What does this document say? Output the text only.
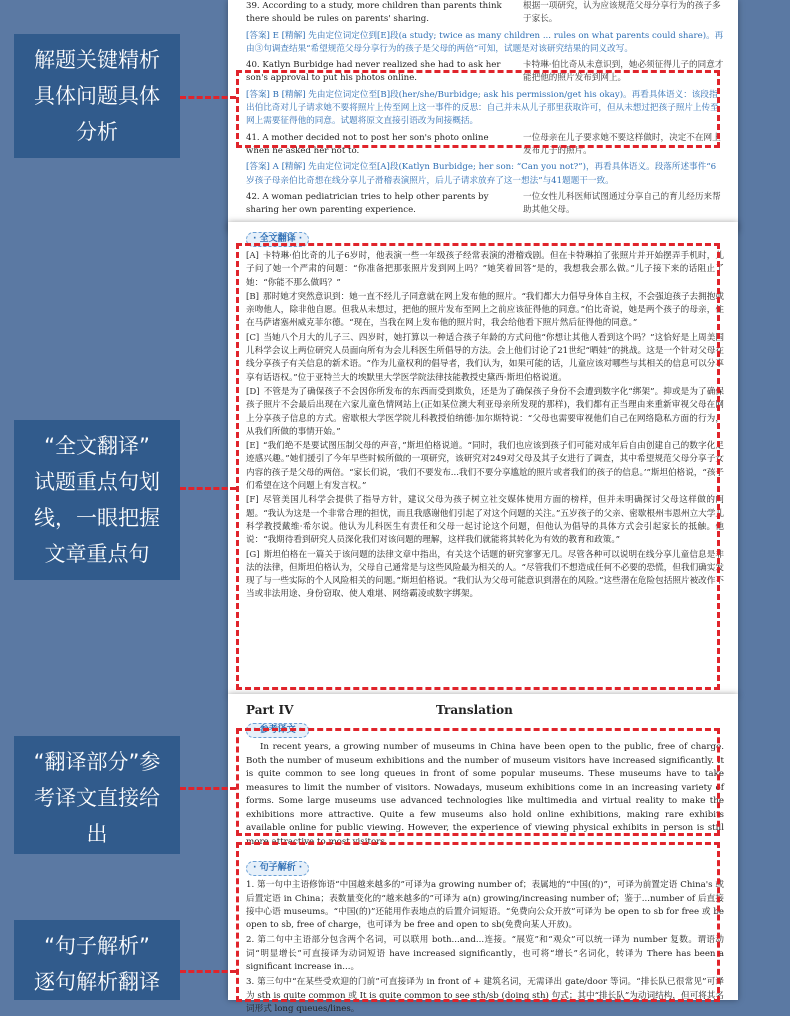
39. According to a study, more children than parents think there should be rules on parents' sharing.
根据一项研究，认为应该规范父母分享行为的孩子多于家长。
[答案] E [精解] 先由定位词定位到[E]段(a study; twice as many children ... rules on what parents could share)。再由③句调查结果“希望规范父母分享行为的孩子是父母的两倍”可知，试题是对该研究结果的同义改写。
40. Katlyn Burbidge had never realized she had to ask her son's approval to put his photos online.
卡特琳·伯比奇从未意识到，她必须征得儿子的同意才能把他的照片发布到网上。
[答案] B [精解] 先由定位词定位至[B]段(her/she/Burbidge; ask his permission/get his okay)。再看具体语义：该段指出伯比奇对儿子请求她不要将照片上传至网上这一事件的反思：自己并未从儿子那里获取许可，但从未想过把孩子照片上传至网上需要征得他的同意。试题将原文直接引语改为间接概括。
41. A mother decided not to post her son's photo online when he asked her not to.
一位母亲在儿子要求她不要这样做时，决定不在网上发布儿子的照片。
[答案] A [精解] 先由定位词定位至[A]段(Katlyn Burbidge; her son: “Can you not?”)，再看具体语义。段落所述事件“6岁孩子母亲伯比奇想在线分享儿子滑稽表演照片，后儿子请求放弃了这一想法”与41题题干一致。
42. A woman pediatrician tries to help other parents by sharing her own parenting experience.
一位女性儿科医师试图通过分享自己的育儿经历来帮助其他父母。
· 全文翻译 ·
[A] 卡特琳·伯比奇的儿子6岁时，他表演一些一年级孩子经常表演的滑稽戏剧。但在卡特琳拍了张照片并开始摆弄手机时，儿子问了她一个严肃的问题：“你准备把那张照片发到网上吗？”她笑着回答“是的，我想我会那么做。”儿子接下来的话阻止了她：“你能不那么做吗？”
[B] 那时她才突然意识到：她一直不经儿子同意就在网上发布他的照片。“我们都大力倡导身体自主权，不会强迫孩子去拥抱或亲吻他人，除非他自愿。但我从未想过，把他的照片发布至网上之前应该征得他的同意。”伯比奇说，她是两个孩子的母亲，住在马萨诸塞州威克菲尔德。“现在，当我在网上发布他的照片时，我会给他看下照片然后征得他的同意。”
[C] 当她八个月大的儿子三、四岁时，她打算以一种适合孩子年龄的方式问他“你想让其他人看到这个吗？”这恰好是上周美国儿科学会议上两位研究人员面向所有为会儿科医生所倡导的方法。会上他们讨论了21世纪“晒娃”的挑战。这是一个针对父母在线分享孩子有关信息的新术语。“作为儿童权利的倡导者，我们认为，如果可能的话，儿童应该对哪些与其相关的信息可以分享享有话语权。”位于亚特兰大的埃默里大学医学院法律技能教授史黛西·斯坦伯格说道。
[D] 不管是为了确保孩子不会因你所发布的东西而受到欺负，还是为了确保孩子身份不会遭到数字化“绑架”。抑或是为了确保孩子照片不会最后出现在六家儿童色情网站上(正如某位澳大利亚母亲所发现的那样)，我们都有正当理由来重新审视父母在网上分享孩子信息的方式。密歇根大学医学院儿科教授伯纳德·加尔斯特说：“父母也需要审视他们自己在网络隐私方面的行为，从我们所做的事情开始。”
[E] “我们绝不是要试图压制父母的声音，”斯坦伯格说道。“同时，我们也应该到孩子们可能对成年后自由创建自己的数字化足迹感兴趣。”她们援引了今年早些时候所做的一项研究，该研究对249对父母及其子女进行了调查，其中希望规范父母分享子女内容的孩子是父母的两倍。“家长们说，‘我们不要发布...我们不要分享尴尬的照片或者我们的孩子的信息。’”斯坦伯格说，“孩子们希望在这个问题上有发言权。”
[F] 尽管美国儿科学会提供了指导方针，建议父母为孩子树立社交媒体使用方面的榜样，但并未明确探讨父母这样做的问题。“我认为这是一个非常合理的担忧，而且我感谢他们引起了对这个问题的关注。”五岁孩子的父亲、密歇根州韦恩州立大学儿科学教授戴维·希尔说。他认为儿科医生有责任和父母一起讨论这个问题，但他认为倡导的具体方式会引起家长的抵触。他说：“我期待看到研究人员深化我们对该问题的理解，这样我们就能将其转化为有效的教育和政策。”
[G] 斯坦伯格在一篇关于该问题的法律文章中指出，有关这个话题的研究寥寥无几。尽管各种可以说明在线分享儿童信息是非法的法律，但斯坦伯格认为，父母自己通常是与这些风险最为相关的人。“尽管我们不想造成任何不必要的恐慌，但我们确实发现了与一些实际的个人风险相关的问题。”斯坦伯格说。“我们认为父母可能意识到潜在的风险。”这些潜在危险包括照片被改作不当或非法用途、身份窃取、使人难堪、网络霸凌或数字绑架。
Part IV	Translation
· 参考译文 ·
In recent years, a growing number of museums in China have been open to the public, free of charge. Both the number of museum exhibitions and the number of museum visitors have increased significantly. It is quite common to see long queues in front of some popular museums. These museums have to take measures to limit the number of visitors. Nowadays, museum exhibitions come in an increasing variety of forms. Some large museums use advanced technologies like multimedia and virtual reality to make the exhibitions more attractive. Quite a few museums also hold online exhibitions, making rare exhibits available online for public viewing. However, the experience of viewing physical exhibits in person is still more attractive to most visitors.
· 句子解析 ·
1. 第一句中主语修饰语“中国越来越多的”可译为a growing number of；表属地的“中国(的)”，可译为前置定语 China's 或后置定语 in China；表数量变化的“越来越多的”可译为 a(n) growing/increasing number of；鉴于...number of 后直接接中心语 museums。“中国(的)”还能用作表地点的后置介词短语。“免费向公众开放”可译为 be open to sb for free 或 be open to sb, free of charge，也可译为 be free and open to sb(免费向某人开放)。
2. 第二句中主语部分包含两个名词，可以联用 both...and...连接。“展览”和“观众”可以统一译为 number 复数。谓语动词“明显增长”可直接译为动词短语 have increased significantly，也可将“增长”名词化，转译为 There has been a significant increase in...。
3. 第三句中“在某些受欢迎的门前”可直接译为 in front of + 建筑名词，无需译出 gate/door 等词。“排长队已很常见”可译为 sth is quite common 或 It is quite common to see sth/sb (doing sth) 句式；其中“排长队”为动词结构，但可将其名词形式 long queues/lines。
解题关键精析
具体问题具体
分析
“全文翻译”
试题重点句划
线，一眼把握
文章重点句
“翻译部分”参
考译文直接给
出
“句子解析”
逐句解析翻译
